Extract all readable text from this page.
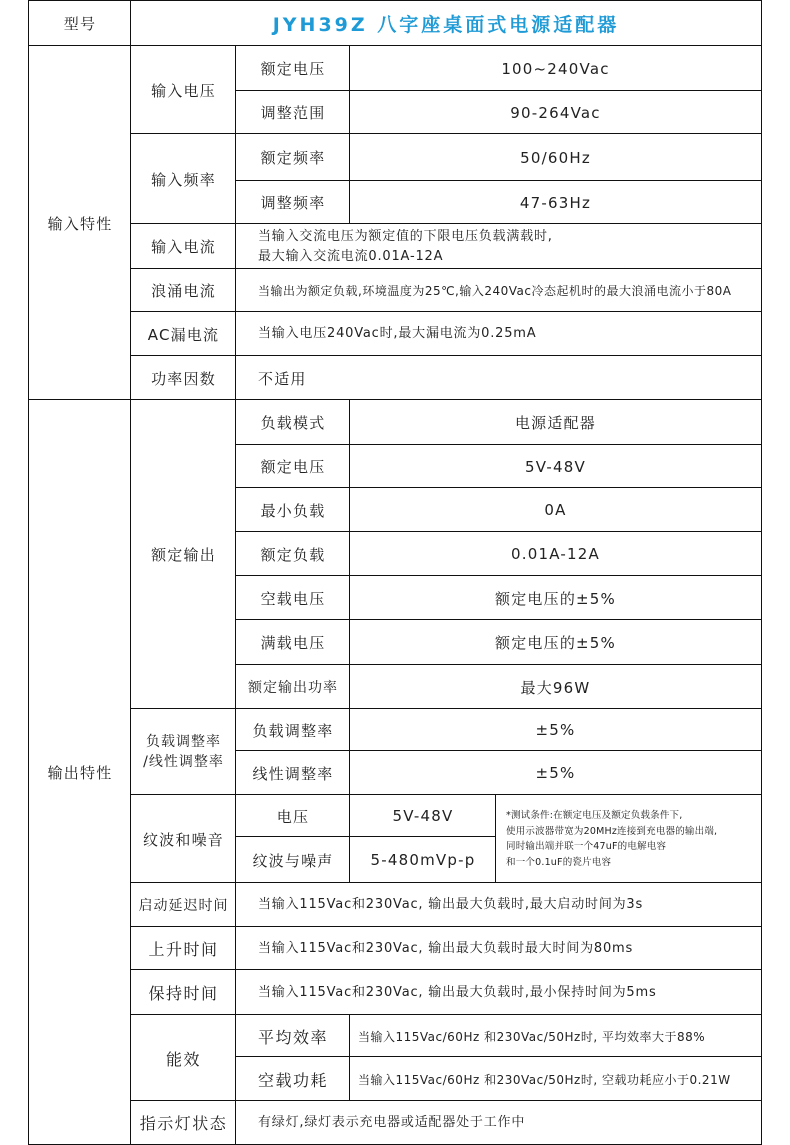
型号	JYH39Z 八字座桌面式电源适配器
输入特性
输入电压
额定电压	100~240Vac
调整范围	90-264Vac
输入频率
额定频率	50/60Hz
调整频率	47-63Hz
输入电流
当输入交流电压为额定值的下限电压负载满载时,
最大输入交流电流0.01A-12A
浪涌电流	当输出为额定负载,环境温度为25℃,输入240Vac冷态起机时的最大浪涌电流小于80A
AC漏电流	当输入电压240Vac时,最大漏电流为0.25mA
功率因数	不适用
输出特性
额定输出
负载模式	电源适配器
额定电压	5V-48V
最小负载	0A
额定负载	0.01A-12A
空载电压	额定电压的±5%
满载电压	额定电压的±5%
额定输出功率	最大96W
负载调整率
/线性调整率
负载调整率	±5%
线性调整率	±5%
纹波和噪音
电压	5V-48V
纹波与噪声	5-480mVp-p
*测试条件:在额定电压及额定负载条件下,
使用示波器带宽为20MHz连接到充电器的输出端,
同时输出端并联一个47uF的电解电容
和一个0.1uF的瓷片电容
启动延迟时间	当输入115Vac和230Vac, 输出最大负载时,最大启动时间为3s
上升时间	当输入115Vac和230Vac, 输出最大负载时最大时间为80ms
保持时间	当输入115Vac和230Vac, 输出最大负载时,最小保持时间为5ms
能效
平均效率	当输入115Vac/60Hz 和230Vac/50Hz时, 平均效率大于88%
空载功耗	当输入115Vac/60Hz 和230Vac/50Hz时, 空载功耗应小于0.21W
指示灯状态	有绿灯,绿灯表示充电器或适配器处于工作中
